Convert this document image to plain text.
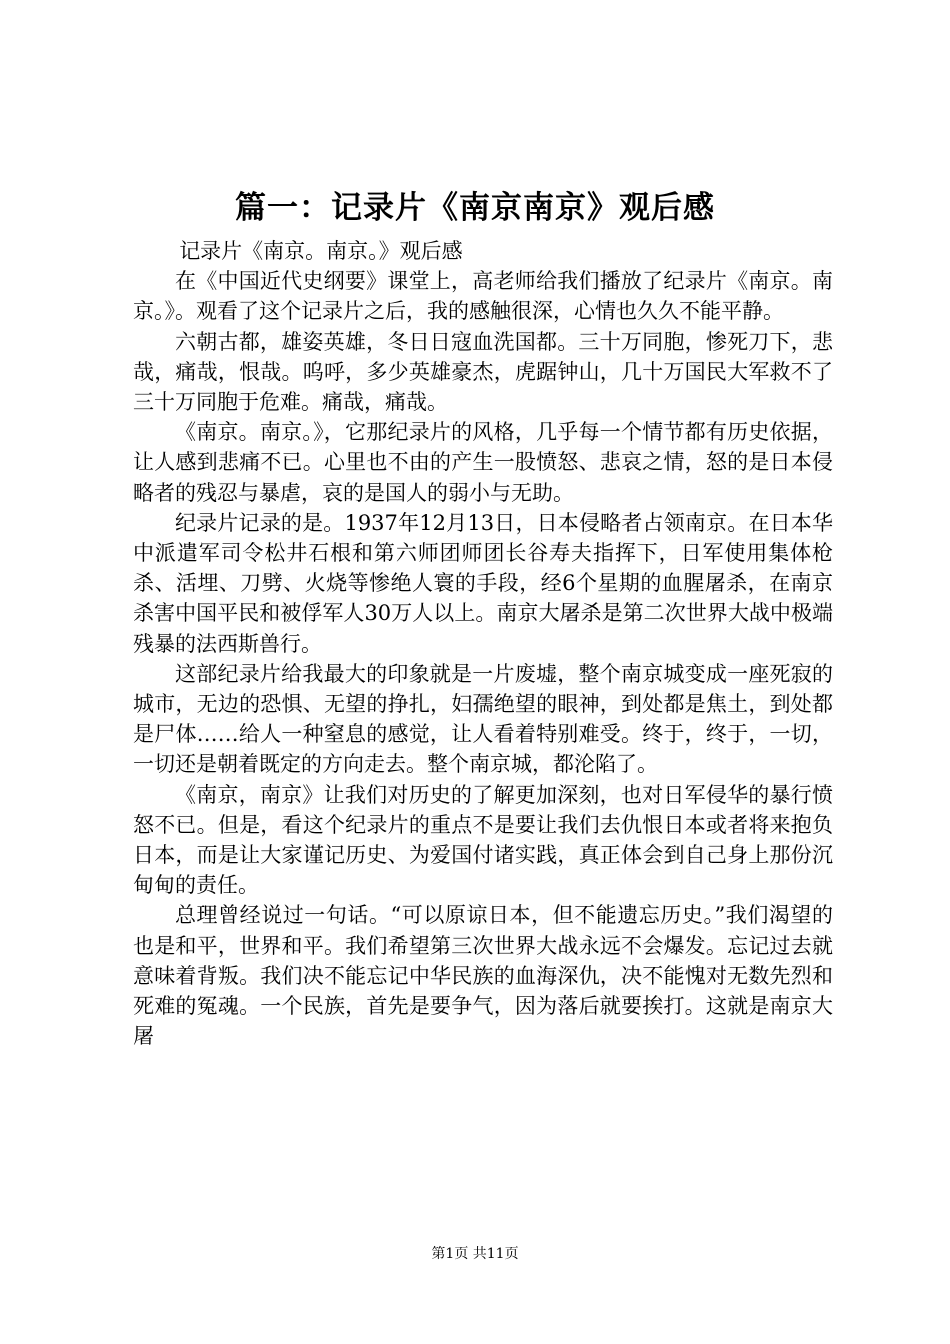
篇一：记录片《南京南京》观后感

记录片《南京。南京。》观后感

在《中国近代史纲要》课堂上，高老师给我们播放了纪录片《南京。南京。》。观看了这个记录片之后，我的感触很深，心情也久久不能平静。

六朝古都，雄姿英雄，冬日日寇血洗国都。三十万同胞，惨死刀下，悲哉，痛哉，恨哉。呜呼，多少英雄豪杰，虎踞钟山，几十万国民大军救不了三十万同胞于危难。痛哉，痛哉。

《南京。南京。》，它那纪录片的风格，几乎每一个情节都有历史依据，让人感到悲痛不已。心里也不由的产生一股愤怒、悲哀之情，怒的是日本侵略者的残忍与暴虐，哀的是国人的弱小与无助。

纪录片记录的是。1937年12月13日，日本侵略者占领南京。在日本华中派遣军司令松井石根和第六师团师团长谷寿夫指挥下，日军使用集体枪杀、活埋、刀劈、火烧等惨绝人寰的手段，经6个星期的血腥屠杀，在南京杀害中国平民和被俘军人30万人以上。南京大屠杀是第二次世界大战中极端残暴的法西斯兽行。

这部纪录片给我最大的印象就是一片废墟，整个南京城变成一座死寂的城市，无边的恐惧、无望的挣扎，妇孺绝望的眼神，到处都是焦土，到处都是尸体……给人一种窒息的感觉，让人看着特别难受。终于，终于，一切，一切还是朝着既定的方向走去。整个南京城，都沦陷了。

《南京，南京》让我们对历史的了解更加深刻，也对日军侵华的暴行愤怒不已。但是，看这个纪录片的重点不是要让我们去仇恨日本或者将来抱负日本，而是让大家谨记历史、为爱国付诸实践，真正体会到自己身上那份沉甸甸的责任。

总理曾经说过一句话。“可以原谅日本，但不能遗忘历史。”我们渴望的也是和平，世界和平。我们希望第三次世界大战永远不会爆发。忘记过去就意味着背叛。我们决不能忘记中华民族的血海深仇，决不能愧对无数先烈和死难的冤魂。一个民族，首先是要争气，因为落后就要挨打。这就是南京大屠

第1页 共11页
